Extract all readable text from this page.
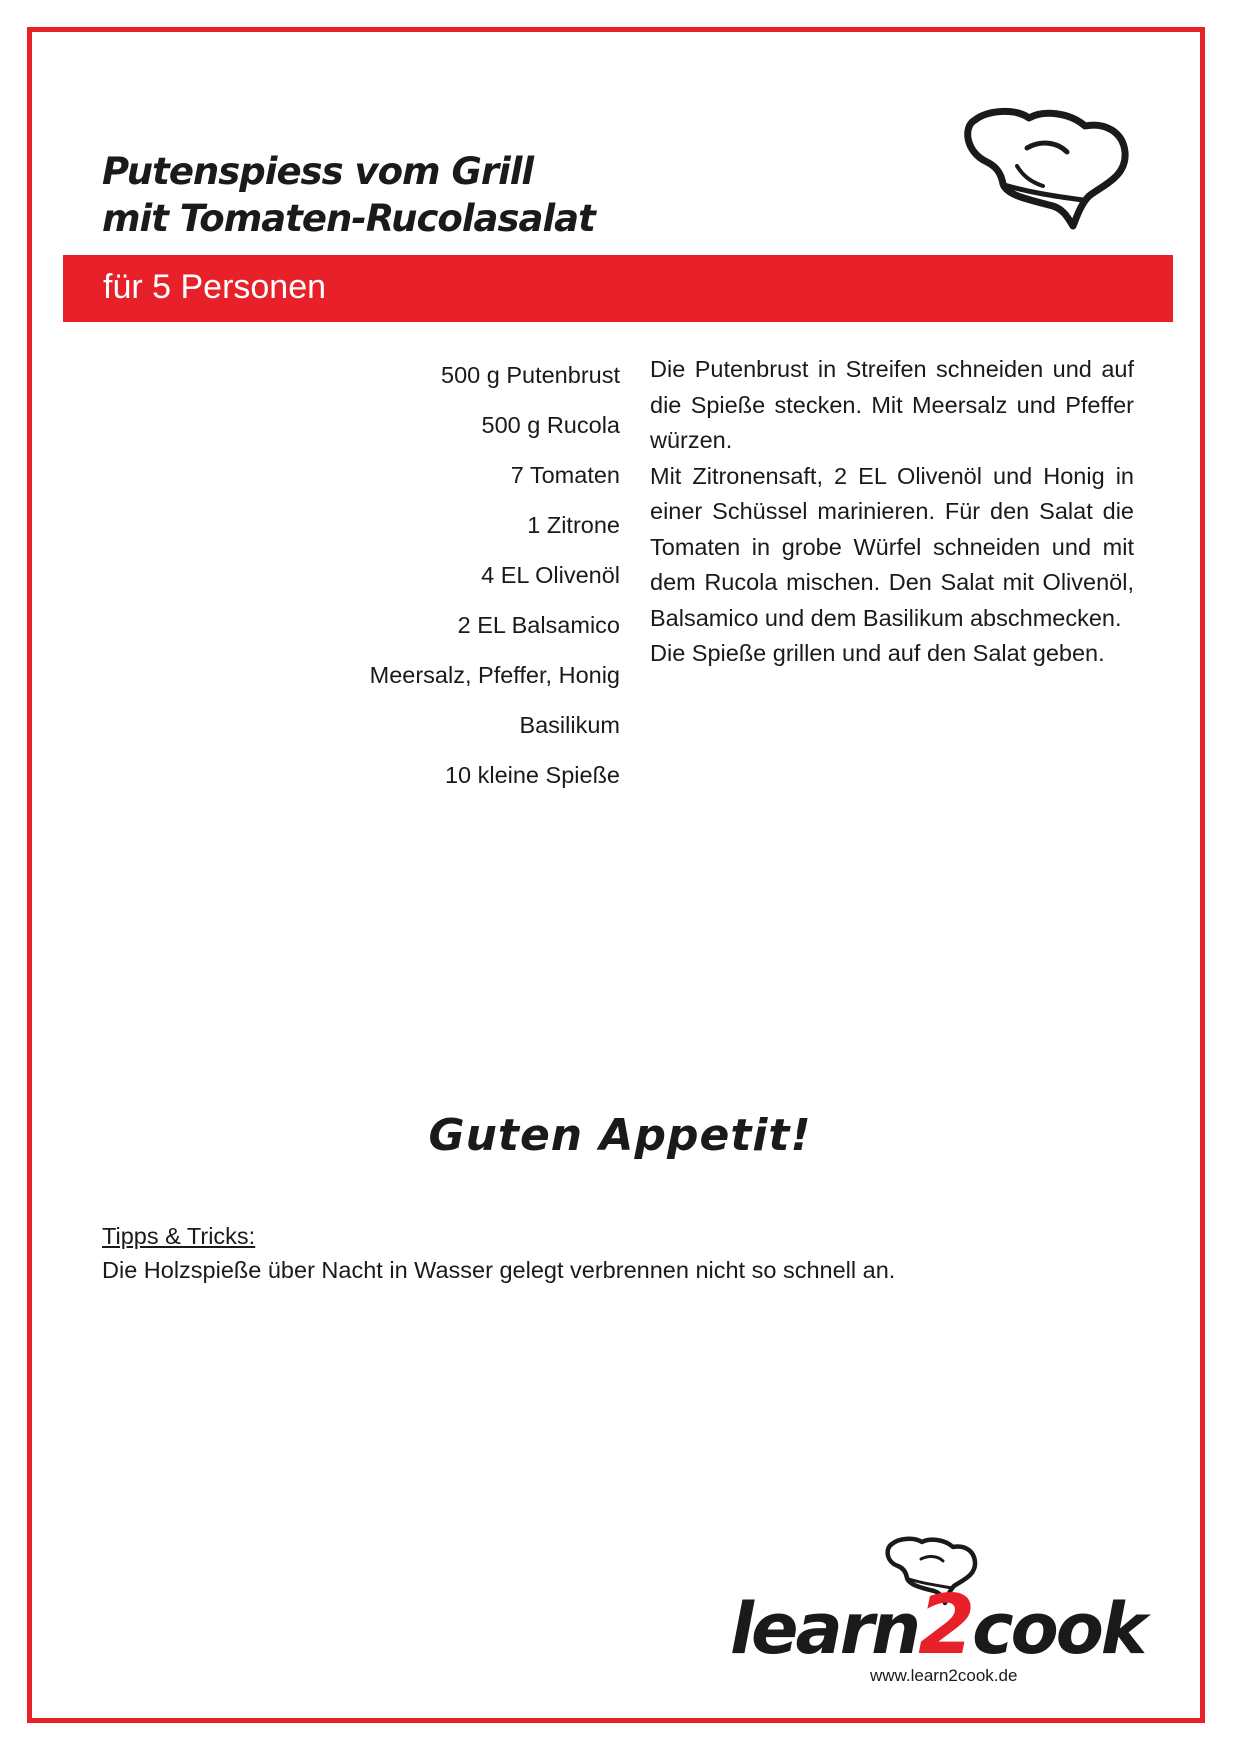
Putenspiess vom Grill
mit Tomaten-Rucolasalat
für 5 Personen
500 g Putenbrust
500 g Rucola
7 Tomaten
1 Zitrone
4 EL Olivenöl
2 EL Balsamico
Meersalz, Pfeffer, Honig
Basilikum
10 kleine Spieße

Die Putenbrust in Streifen schneiden und auf die Spieße stecken. Mit Meersalz und Pfeffer würzen.

Mit Zitronensaft, 2 EL Olivenöl und Honig in einer Schüssel marinieren. Für den Salat die Tomaten in grobe Würfel schneiden und mit dem Rucola mischen. Den Salat mit Olivenöl, Balsamico und dem Basilikum abschmecken.

Die Spieße grillen und auf den Salat geben.

Guten Appetit!
Tipps & Tricks:
Die Holzspieße über Nacht in Wasser gelegt verbrennen nicht so schnell an.
learn2cook
www.learn2cook.de
